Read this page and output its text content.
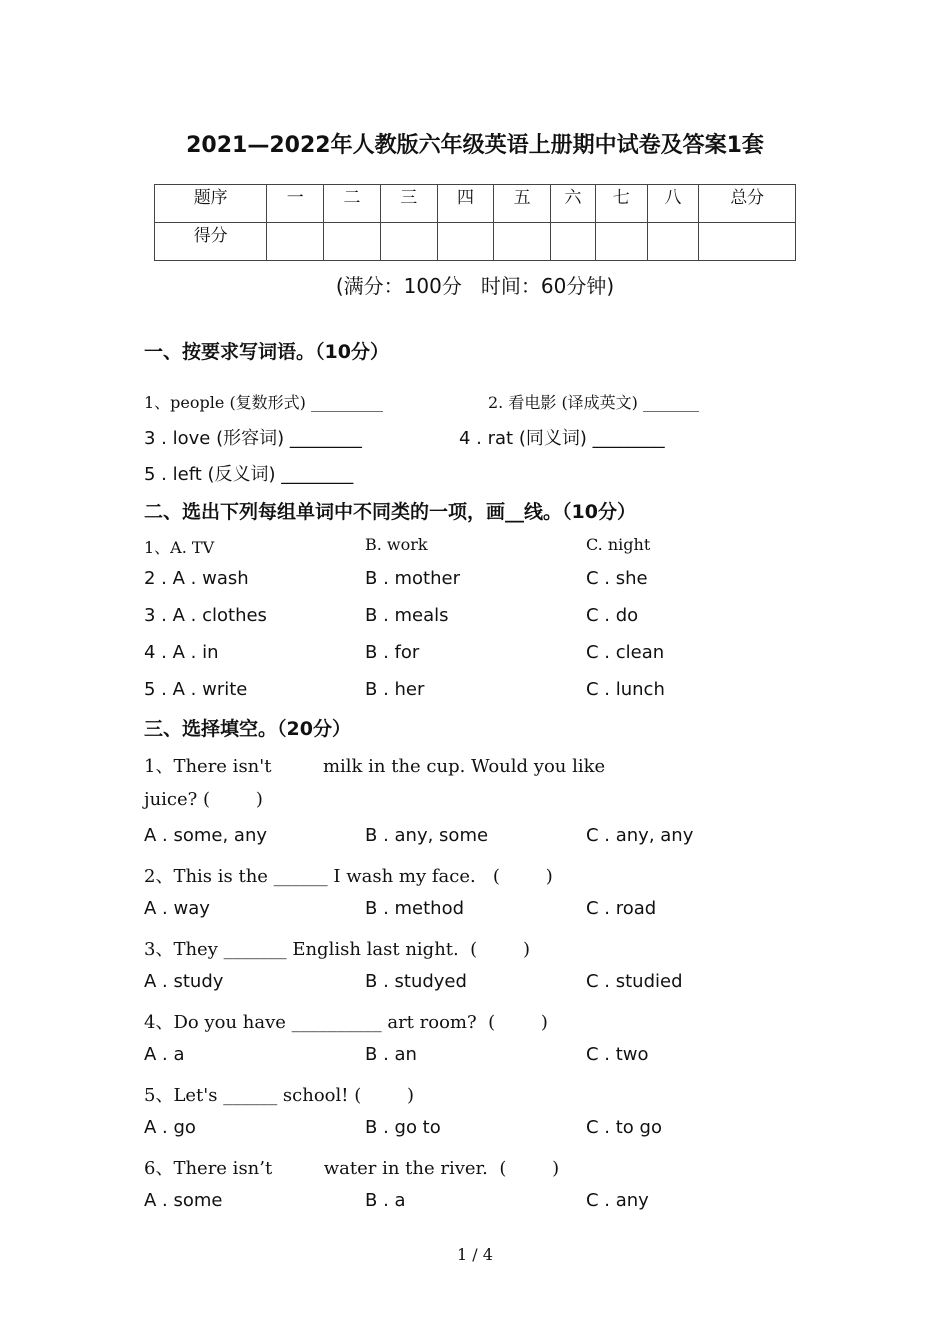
2021—2022年人教版六年级英语上册期中试卷及答案1套
题序	一	二	三	四	五	六	七	八	总分
得分									
(满分：100分   时间：60分钟)
一、按要求写词语。（10分）
1、people (复数形式) _________	2. 看电影 (译成英文) _______
3 . love (形容词) ________	4 . rat (同义词) ________
5 . left (反义词) ________
二、选出下列每组单词中不同类的一项，画__线。（10分）
1、A. TV	B. work	C. night
2 . A . wash	B . mother	C . she
3 . A . clothes	B . meals	C . do
4 . A . in	B . for	C . clean
5 . A . write	B . her	C . lunch
三、选择填空。（20分）
1、There isn't         milk in the cup. Would you like
juice? (        )
A . some, any	B . any, some	C . any, any
2、This is the ______ I wash my face.   (        )
A . way	B . method	C . road
3、They _______ English last night.  (        )
A . study	B . studyed	C . studied
4、Do you have __________ art room?  (        )
A . a	B . an	C . two
5、Let's ______ school! (        )
A . go	B . go to	C . to go
6、There isn’t         water in the river.  (        )
A . some	B . a	C . any
1 / 4
